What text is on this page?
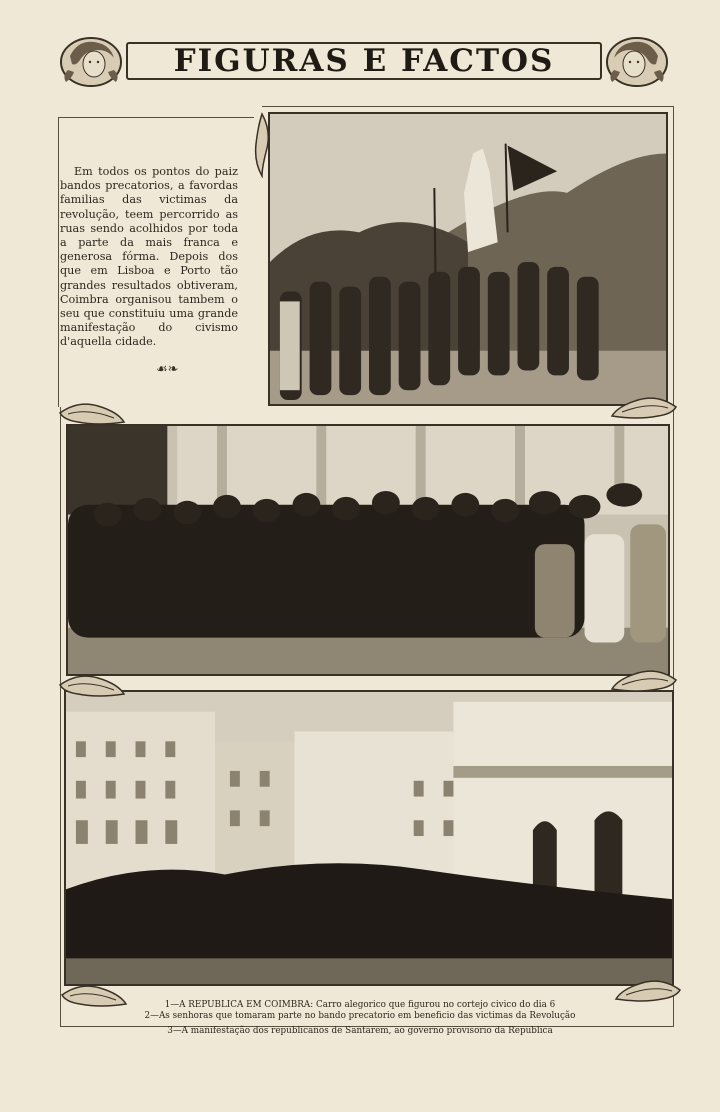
FIGURAS E FACTOS
Em todos os pontos do paiz bandos precatorios, a favordas familias das victimas da revolução, teem percorrido as ruas sendo acolhidos por toda a parte da mais franca e generosa fórma. Depois dos que em Lisboa e Porto tão grandes resultados obtiveram, Coimbra organisou tambem o seu que constituiu uma grande manifestação do civismo d'aquella cidade.
☙❧
1—A REPUBLICA EM COIMBRA: Carro alegorico que figurou no cortejo civico do dia 6
2—As senhoras que tomaram parte no bando precatorio em beneficio das victimas da Revolução
3—A manifestação dos republicanos de Santarem, ao governo provisorio da Republica
